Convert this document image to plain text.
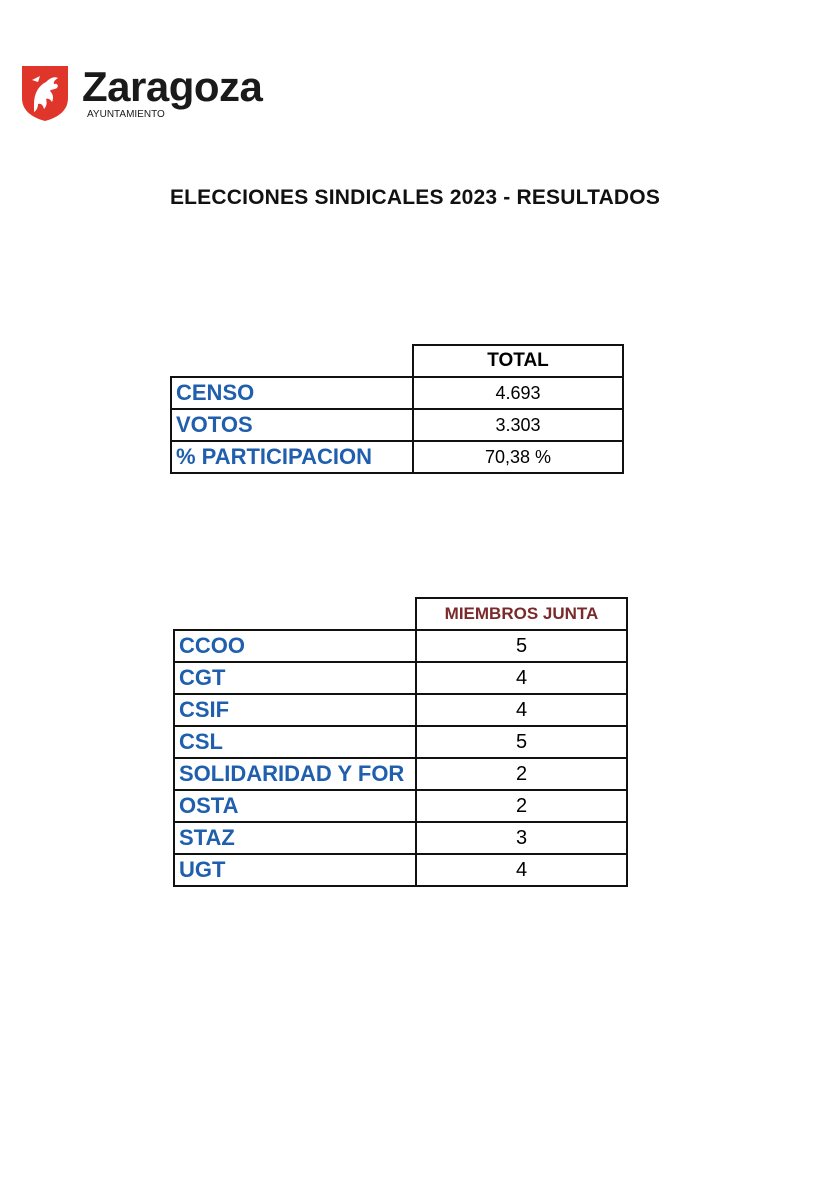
Zaragoza
AYUNTAMIENTO
ELECCIONES SINDICALES 2023 - RESULTADOS
	TOTAL
CENSO	4.693
VOTOS	3.303
% PARTICIPACION	70,38 %
	MIEMBROS JUNTA
CCOO	5
CGT	4
CSIF	4
CSL	5
SOLIDARIDAD Y FOR	2
OSTA	2
STAZ	3
UGT	4
